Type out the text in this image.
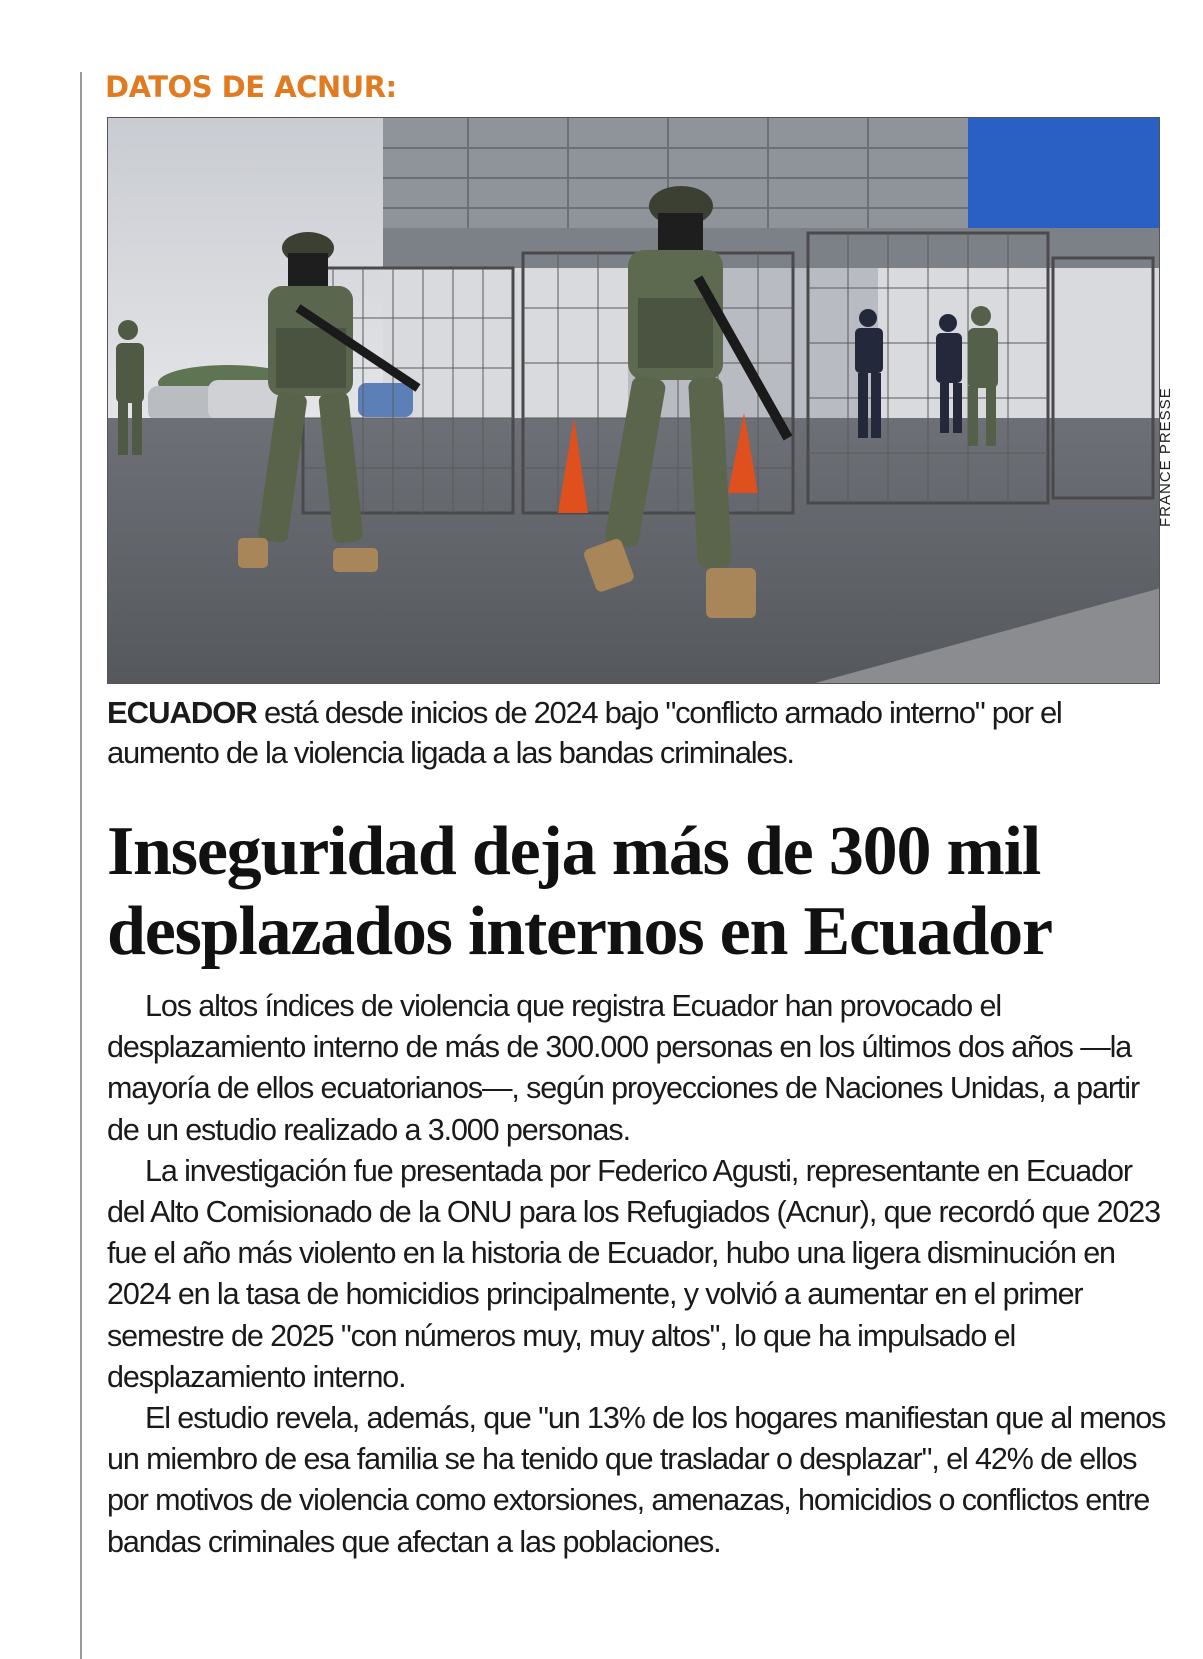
DATOS DE ACNUR:
FRANCE PRESSE

ECUADOR está desde inicios de 2024 bajo "conflicto armado interno" por el aumento de la violencia ligada a las bandas criminales.

Inseguridad deja más de 300 mil
desplazados internos en Ecuador

Los altos índices de violencia que registra Ecuador han provocado el desplazamiento interno de más de 300.000 personas en los últimos dos años —la mayoría de ellos ecuatorianos—, según proyecciones de Naciones Unidas, a partir de un estudio realizado a 3.000 personas.

La investigación fue presentada por Federico Agusti, representante en Ecuador del Alto Comisionado de la ONU para los Refugiados (Acnur), que recordó que 2023 fue el año más violento en la historia de Ecuador, hubo una ligera disminución en 2024 en la tasa de homicidios principalmente, y volvió a aumentar en el primer semestre de 2025 "con números muy, muy altos", lo que ha impulsado el desplazamiento interno.

El estudio revela, además, que "un 13% de los hogares manifiestan que al menos un miembro de esa familia se ha tenido que trasladar o desplazar", el 42% de ellos por motivos de violencia como extorsiones, amenazas, homicidios o conflictos entre bandas criminales que afectan a las poblaciones.
